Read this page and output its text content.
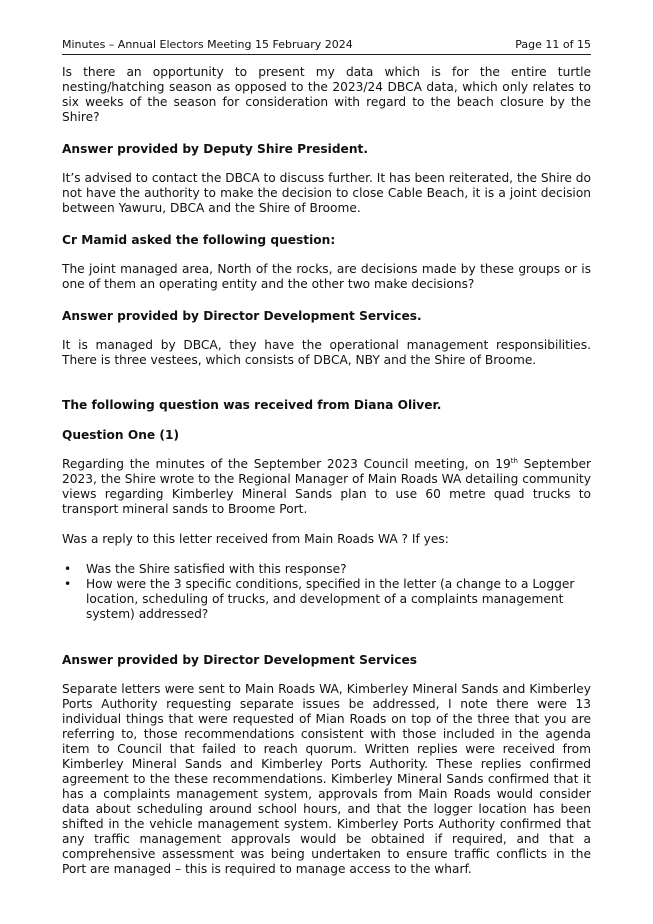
Minutes – Annual Electors Meeting 15 February 2024	Page 11 of 15

Is there an opportunity to present my data which is for the entire turtle nesting/hatching season as opposed to the 2023/24 DBCA data, which only relates to six weeks of the season for consideration with regard to the beach closure by the Shire?

Answer provided by Deputy Shire President.

It’s advised to contact the DBCA to discuss further. It has been reiterated, the Shire do not have the authority to make the decision to close Cable Beach, it is a joint decision between Yawuru, DBCA and the Shire of Broome.

Cr Mamid asked the following question:

The joint managed area, North of the rocks, are decisions made by these groups or is one of them an operating entity and the other two make decisions?

Answer provided by Director Development Services.

It is managed by DBCA, they have the operational management responsibilities. There is three vestees, which consists of DBCA, NBY and the Shire of Broome.

The following question was received from Diana Oliver.

Question One (1)

Regarding the minutes of the September 2023 Council meeting, on 19th September 2023, the Shire wrote to the Regional Manager of Main Roads WA detailing community views regarding Kimberley Mineral Sands plan to use 60 metre quad trucks to transport mineral sands to Broome Port.

Was a reply to this letter received from Main Roads WA ? If yes:

• Was the Shire satisfied with this response?
• How were the 3 specific conditions, specified in the letter (a change to a Logger location, scheduling of trucks, and development of a complaints management system) addressed?

Answer provided by Director Development Services

Separate letters were sent to Main Roads WA, Kimberley Mineral Sands and Kimberley Ports Authority requesting separate issues be addressed, I note there were 13 individual things that were requested of Mian Roads on top of the three that you are referring to, those recommendations consistent with those included in the agenda item to Council that failed to reach quorum. Written replies were received from Kimberley Mineral Sands and Kimberley Ports Authority. These replies confirmed agreement to the these recommendations. Kimberley Mineral Sands confirmed that it has a complaints management system, approvals from Main Roads would consider data about scheduling around school hours, and that the logger location has been shifted in the vehicle management system. Kimberley Ports Authority confirmed that any traffic management approvals would be obtained if required, and that a comprehensive assessment was being undertaken to ensure traffic conflicts in the Port are managed – this is required to manage access to the wharf.
